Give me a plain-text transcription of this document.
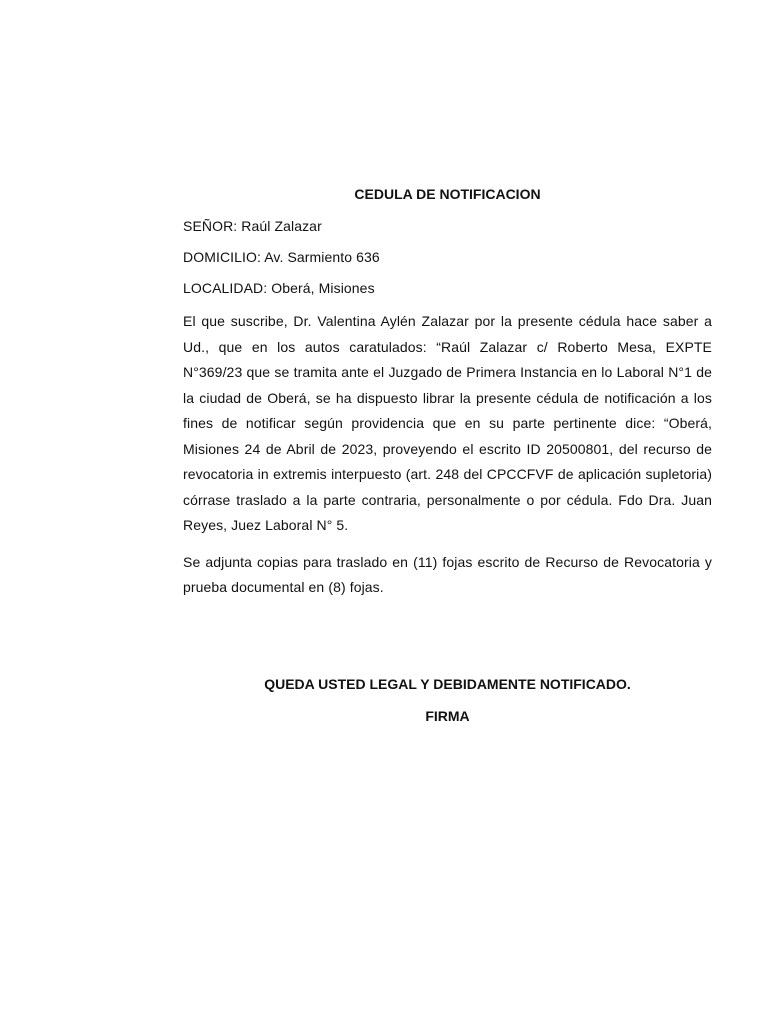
CEDULA DE NOTIFICACION
SEÑOR: Raúl Zalazar
DOMICILIO: Av. Sarmiento 636
LOCALIDAD: Oberá, Misiones

El que suscribe, Dr. Valentina Aylén Zalazar por la presente cédula hace saber a Ud., que en los autos caratulados: “Raúl Zalazar c/ Roberto Mesa, EXPTE N°369/23 que se tramita ante el Juzgado de Primera Instancia en lo Laboral N°1 de la ciudad de Oberá, se ha dispuesto librar la presente cédula de notificación a los fines de notificar según providencia que en su parte pertinente dice: “Oberá, Misiones 24 de Abril de 2023, proveyendo el escrito ID 20500801, del recurso de revocatoria in extremis interpuesto (art. 248 del CPCCFVF de aplicación supletoria) córrase traslado a la parte contraria, personalmente o por cédula. Fdo Dra. Juan Reyes, Juez Laboral N° 5.

Se adjunta copias para traslado en (11) fojas escrito de Recurso de Revocatoria y prueba documental en (8) fojas.

QUEDA USTED LEGAL Y DEBIDAMENTE NOTIFICADO.
FIRMA
